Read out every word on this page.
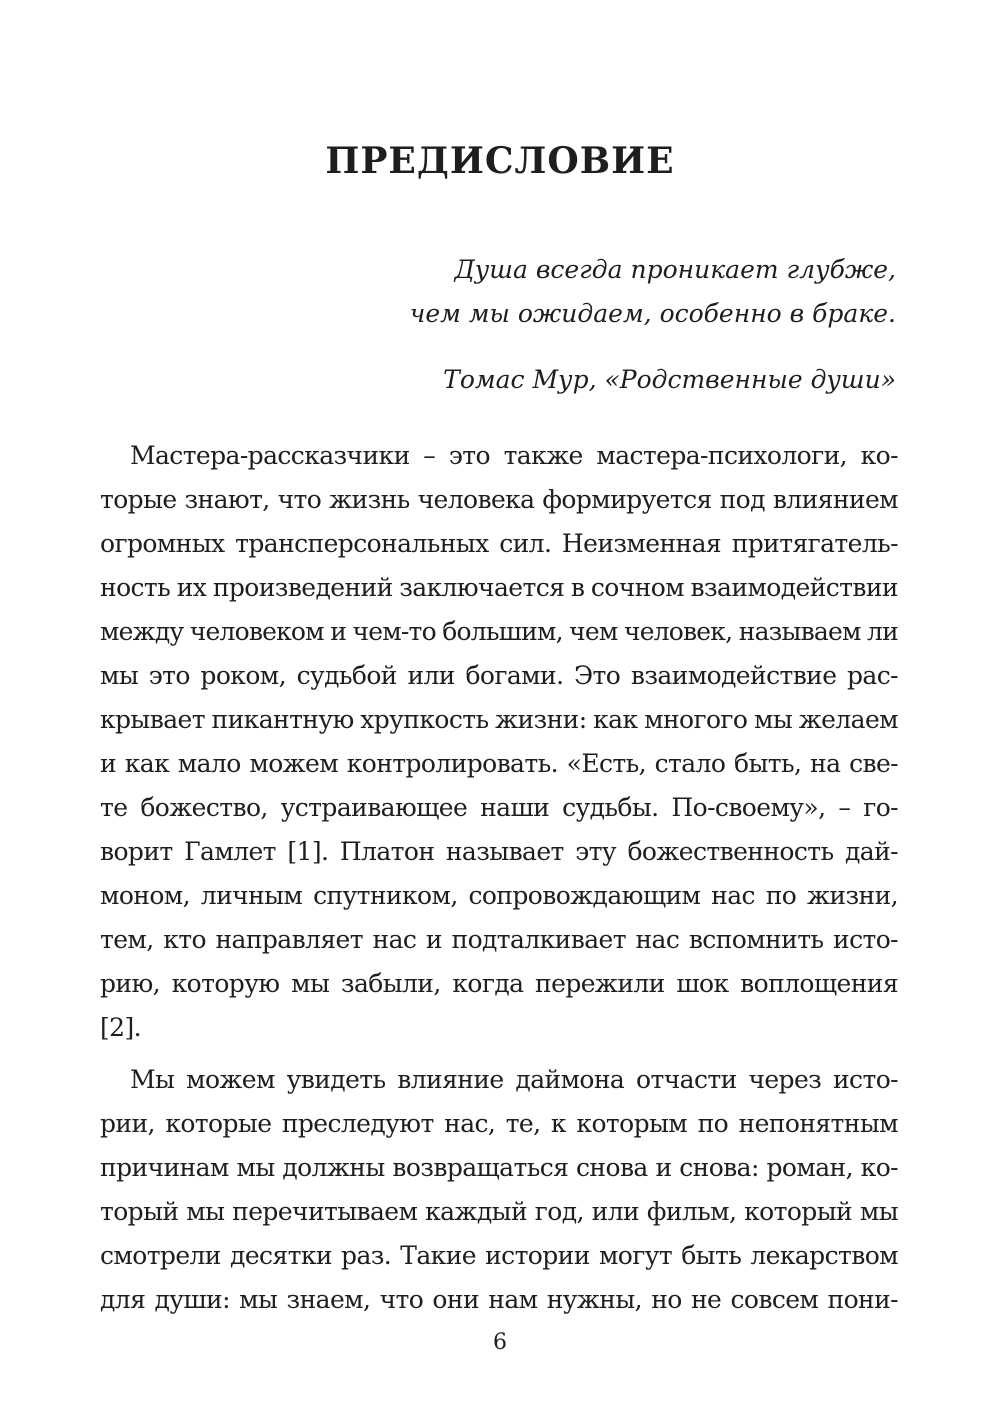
ПРЕДИСЛОВИЕ

Душа всегда проникает глубже,

чем мы ожидаем, особенно в браке.

Томас Мур, «Родственные души»

Мастера-рассказчики – это также мастера-психологи, ко-
торые знают, что жизнь человека формируется под влиянием
огромных трансперсональных сил. Неизменная притягатель-
ность их произведений заключается в сочном взаимодействии
между человеком и чем-то большим, чем человек, называем ли
мы это роком, судьбой или богами. Это взаимодействие рас-
крывает пикантную хрупкость жизни: как многого мы желаем
и как мало можем контролировать. «Есть, стало быть, на све-
те божество, устраивающее наши судьбы. По-своему», – го-
ворит Гамлет [1]. Платон называет эту божественность дай-
моном, личным спутником, сопровождающим нас по жизни,
тем, кто направляет нас и подталкивает нас вспомнить исто-
рию, которую мы забыли, когда пережили шок воплощения
[2].
Мы можем увидеть влияние даймона отчасти через исто-
рии, которые преследуют нас, те, к которым по непонятным
причинам мы должны возвращаться снова и снова: роман, ко-
торый мы перечитываем каждый год, или фильм, который мы
смотрели десятки раз. Такие истории могут быть лекарством
для души: мы знаем, что они нам нужны, но не совсем пони-
6
